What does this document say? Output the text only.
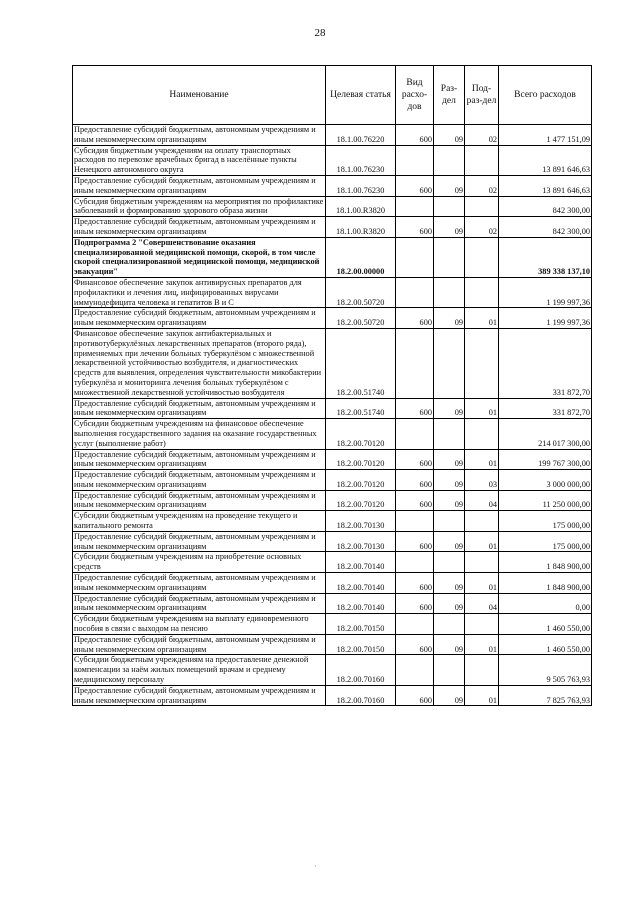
28
Наименование	Целевая статья	Вид расхо-дов	Раз-дел	Под-раз-дел	Всего расходов
Предоставление субсидий бюджетным, автономным учреждениям и иным некоммерческим организациям	18.1.00.76220	600	09	02	1 477 151,09
Субсидия бюджетным учреждениям на оплату транспортных расходов по перевозке врачебных бригад в населённые пункты Ненецкого автономного округа	18.1.00.76230				13 891 646,63
Предоставление субсидий бюджетным, автономным учреждениям и иным некоммерческим организациям	18.1.00.76230	600	09	02	13 891 646,63
Субсидия бюджетным учреждениям на мероприятия по профилактике заболеваний и формированию здорового образа жизни	18.1.00.R3820				842 300,00
Предоставление субсидий бюджетным, автономным учреждениям и иным некоммерческим организациям	18.1.00.R3820	600	09	02	842 300,00
Подпрограмма 2 "Совершенствование оказания специализированной медицинской помощи, скорой, в том числе скорой специализированной медицинской помощи, медицинской эвакуации"	18.2.00.00000				389 338 137,10
Финансовое обеспечение закупок антивирусных препаратов для профилактики и лечения лиц, инфицированных вирусами иммунодефицита человека и гепатитов В и С	18.2.00.50720				1 199 997,36
Предоставление субсидий бюджетным, автономным учреждениям и иным некоммерческим организациям	18.2.00.50720	600	09	01	1 199 997,36
Финансовое обеспечение закупок антибактериальных и противотуберкулёзных лекарственных препаратов (второго ряда), применяемых при лечении больных туберкулёзом с множественной лекарственной устойчивостью возбудителя, и диагностических средств для выявления, определения чувствительности микобактерии туберкулёза и мониторинга лечения больных туберкулёзом с множественной лекарственной устойчивостью возбудителя	18.2.00.51740				331 872,70
Предоставление субсидий бюджетным, автономным учреждениям и иным некоммерческим организациям	18.2.00.51740	600	09	01	331 872,70
Субсидии бюджетным учреждениям на финансовое обеспечение выполнения государственного задания на оказание государственных услуг (выполнение работ)	18.2.00.70120				214 017 300,00
Предоставление субсидий бюджетным, автономным учреждениям и иным некоммерческим организациям	18.2.00.70120	600	09	01	199 767 300,00
Предоставление субсидий бюджетным, автономным учреждениям и иным некоммерческим организациям	18.2.00.70120	600	09	03	3 000 000,00
Предоставление субсидий бюджетным, автономным учреждениям и иным некоммерческим организациям	18.2.00.70120	600	09	04	11 250 000,00
Субсидии бюджетным учреждениям на проведение текущего и капитального ремонта	18.2.00.70130				175 000,00
Предоставление субсидий бюджетным, автономным учреждениям и иным некоммерческим организациям	18.2.00.70130	600	09	01	175 000,00
Субсидии бюджетным учреждениям на приобретение основных средств	18.2.00.70140				1 848 900,00
Предоставление субсидий бюджетным, автономным учреждениям и иным некоммерческим организациям	18.2.00.70140	600	09	01	1 848 900,00
Предоставление субсидий бюджетным, автономным учреждениям и иным некоммерческим организациям	18.2.00.70140	600	09	04	0,00
Субсидии бюджетным учреждениям на выплату единовременного пособия в связи с выходом на пенсию	18.2.00.70150				1 460 550,00
Предоставление субсидий бюджетным, автономным учреждениям и иным некоммерческим организациям	18.2.00.70150	600	09	01	1 460 550,00
Субсидии бюджетным учреждениям на предоставление денежной компенсации за наём жилых помещений врачам и среднему медицинскому персоналу	18.2.00.70160				9 505 763,93
Предоставление субсидий бюджетным, автономным учреждениям и иным некоммерческим организациям	18.2.00.70160	600	09	01	7 825 763,93
·
